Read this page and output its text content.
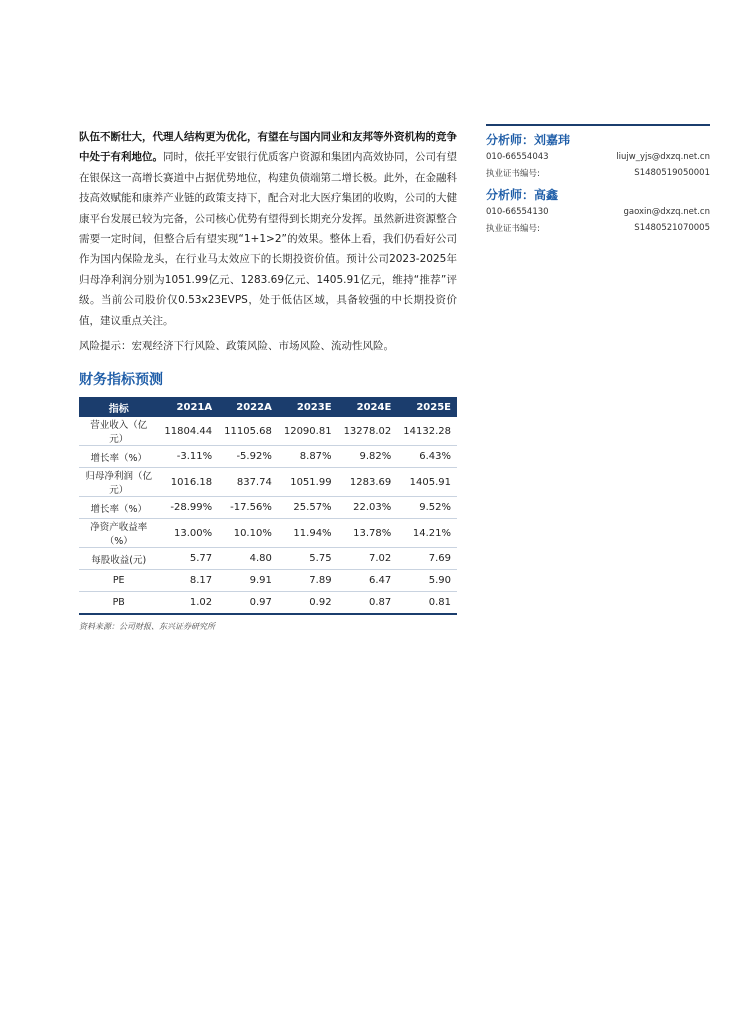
队伍不断壮大，代理人结构更为优化，有望在与国内同业和友邦等外资机构的竞争中处于有利地位。同时，依托平安银行优质客户资源和集团内高效协同，公司有望在银保这一高增长赛道中占据优势地位，构建负债端第二增长极。此外，在金融科技高效赋能和康养产业链的政策支持下，配合对北大医疗集团的收购，公司的大健康平台发展已较为完备，公司核心优势有望得到长期充分发挥。虽然新进资源整合需要一定时间，但整合后有望实现“1+1>2”的效果。整体上看，我们仍看好公司作为国内保险龙头，在行业马太效应下的长期投资价值。预计公司2023-2025年归母净利润分别为1051.99亿元、1283.69亿元、1405.91亿元，维持“推荐”评级。当前公司股价仅0.53x23EVPS，处于低估区域，具备较强的中长期投资价值，建议重点关注。

风险提示：宏观经济下行风险、政策风险、市场风险、流动性风险。
财务指标预测
指标	2021A	2022A	2023E	2024E	2025E
营业收入（亿元）	11804.44	11105.68	12090.81	13278.02	14132.28
增长率（%）	-3.11%	-5.92%	8.87%	9.82%	6.43%
归母净利润（亿元）	1016.18	837.74	1051.99	1283.69	1405.91
增长率（%）	-28.99%	-17.56%	25.57%	22.03%	9.52%
净资产收益率（%）	13.00%	10.10%	11.94%	13.78%	14.21%
每股收益(元)	5.77	4.80	5.75	7.02	7.69
PE	8.17	9.91	7.89	6.47	5.90
PB	1.02	0.97	0.92	0.87	0.81
资料来源：公司财报、东兴证券研究所
分析师：刘嘉玮
010-66554043	liujw_yjs@dxzq.net.cn
执业证书编号:	S1480519050001
分析师：高鑫
010-66554130	gaoxin@dxzq.net.cn
执业证书编号:	S1480521070005
